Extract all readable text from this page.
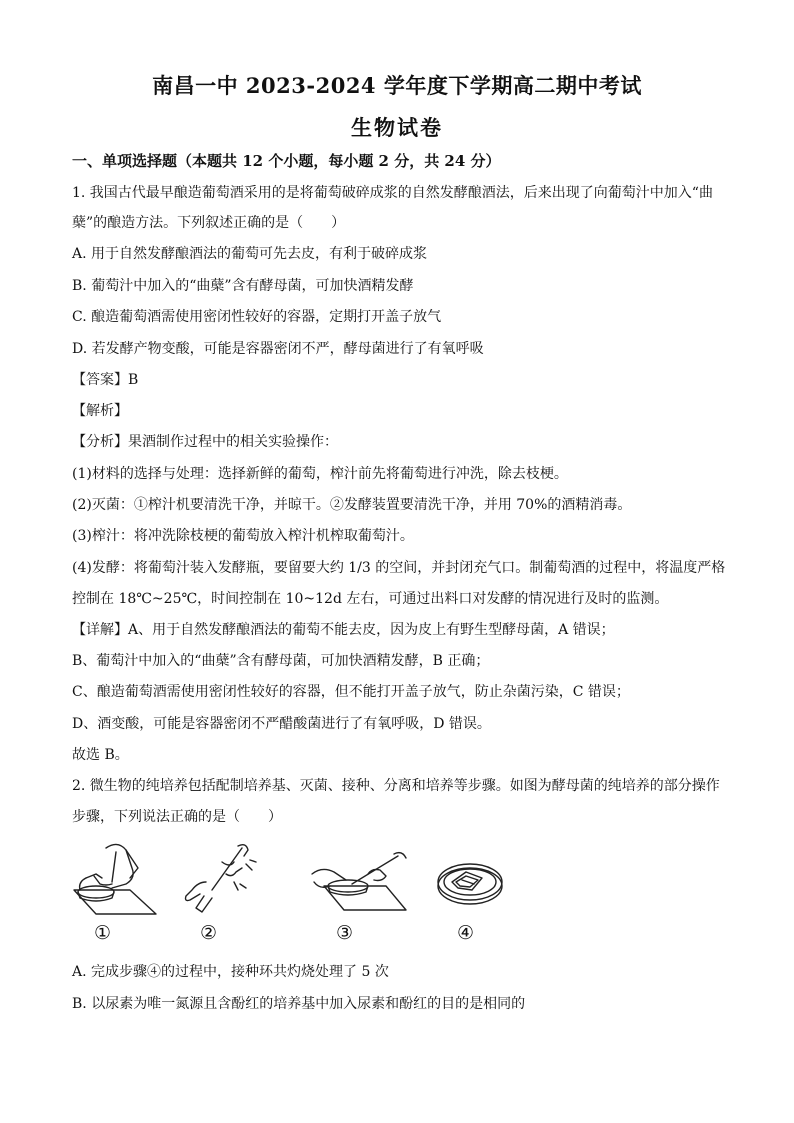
南昌一中 2023-2024 学年度下学期高二期中考试
生物试卷
一、单项选择题（本题共 12 个小题，每小题 2 分，共 24 分）
1. 我国古代最早酿造葡萄酒采用的是将葡萄破碎成浆的自然发酵酿酒法，后来出现了向葡萄汁中加入“曲
蘖”的酿造方法。下列叙述正确的是（　　）
A. 用于自然发酵酿酒法的葡萄可先去皮，有利于破碎成浆
B. 葡萄汁中加入的“曲蘖”含有酵母菌，可加快酒精发酵
C. 酿造葡萄酒需使用密闭性较好的容器，定期打开盖子放气
D. 若发酵产物变酸，可能是容器密闭不严，酵母菌进行了有氧呼吸
【答案】B
【解析】
【分析】果酒制作过程中的相关实验操作：
(1)材料的选择与处理：选择新鲜的葡萄，榨汁前先将葡萄进行冲洗，除去枝梗。
(2)灭菌：①榨汁机要清洗干净，并晾干。②发酵装置要清洗干净，并用 70%的酒精消毒。
(3)榨汁：将冲洗除枝梗的葡萄放入榨汁机榨取葡萄汁。
(4)发酵：将葡萄汁装入发酵瓶，要留要大约 1/3 的空间，并封闭充气口。制葡萄酒的过程中，将温度严格
控制在 18℃~25℃，时间控制在 10~12d 左右，可通过出料口对发酵的情况进行及时的监测。
【详解】A、用于自然发酵酿酒法的葡萄不能去皮，因为皮上有野生型酵母菌，A 错误；
B、葡萄汁中加入的“曲蘖”含有酵母菌，可加快酒精发酵，B 正确；
C、酿造葡萄酒需使用密闭性较好的容器，但不能打开盖子放气，防止杂菌污染，C 错误；
D、酒变酸，可能是容器密闭不严醋酸菌进行了有氧呼吸，D 错误。
故选 B。
2. 微生物的纯培养包括配制培养基、灭菌、接种、分离和培养等步骤。如图为酵母菌的纯培养的部分操作
步骤，下列说法正确的是（　　）
①	②	③	④
A. 完成步骤④的过程中，接种环共灼烧处理了 5 次
B. 以尿素为唯一氮源且含酚红的培养基中加入尿素和酚红的目的是相同的
